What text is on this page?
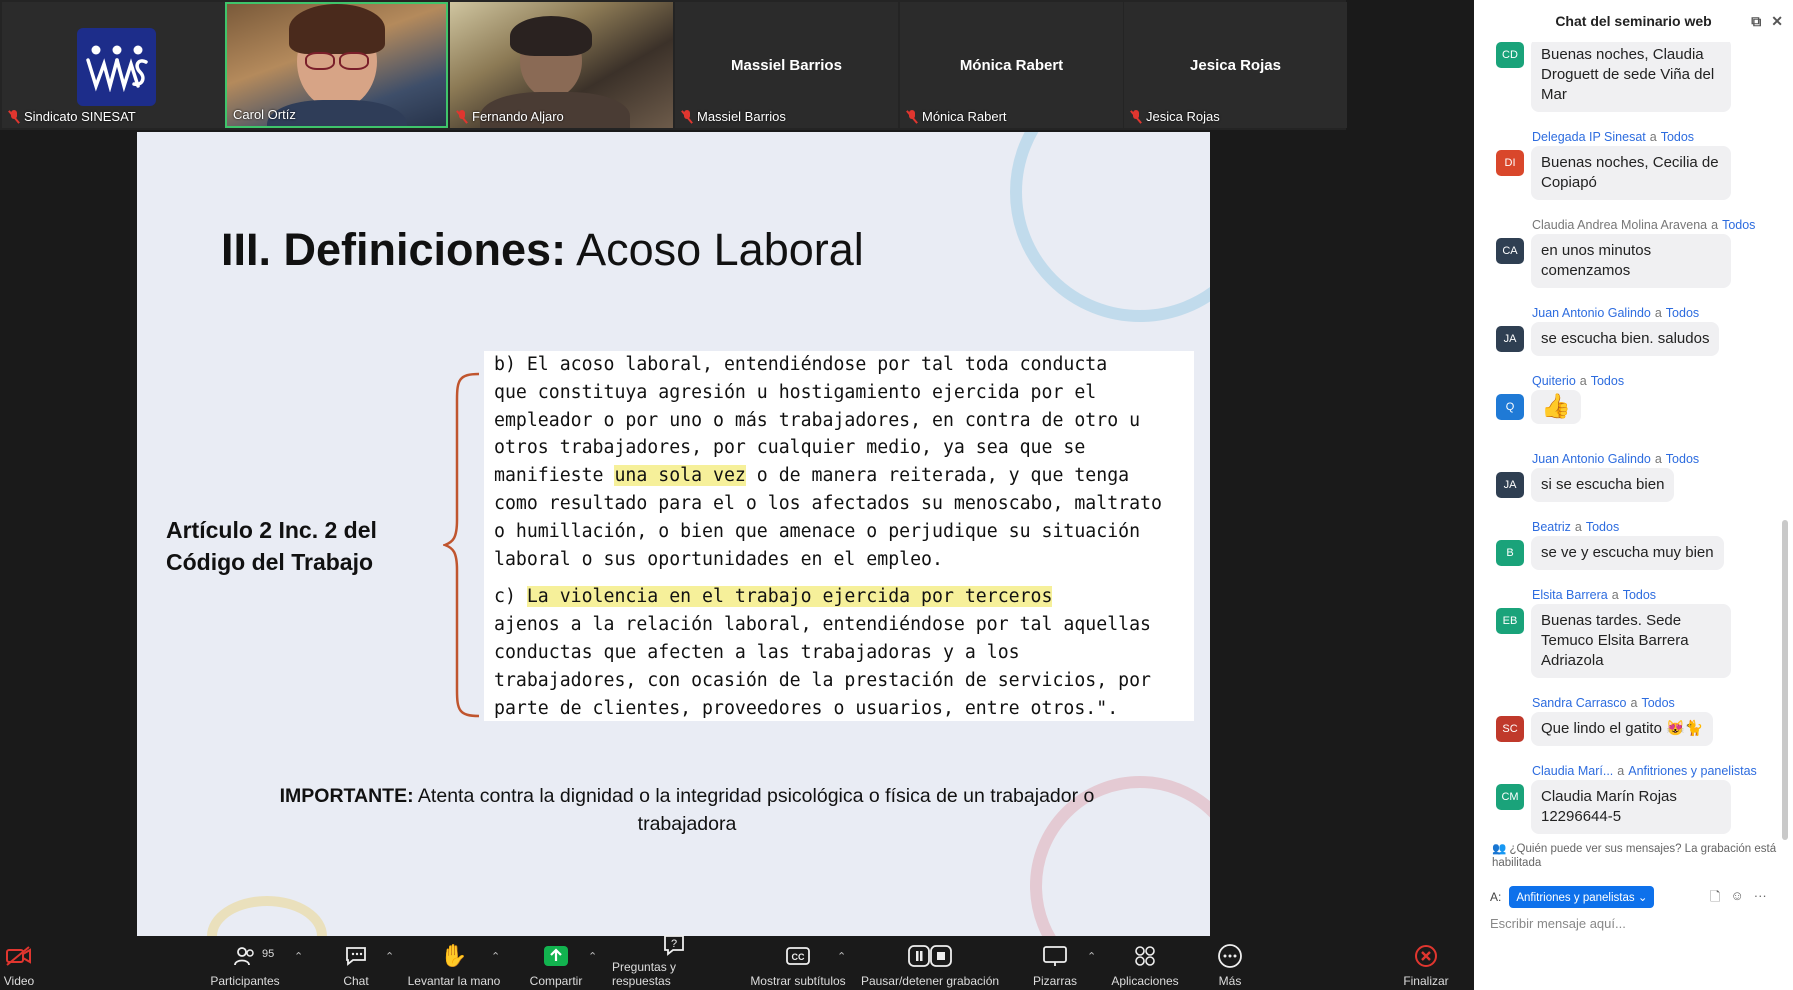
Sindicato SINESAT	Carol Ortíz	Fernando Aljaro
Massiel Barrios
Massiel Barrios
Mónica Rabert
Mónica Rabert
Jesica Rojas
Jesica Rojas
III. Definiciones: Acoso Laboral
Artículo 2 Inc. 2 del
Código del Trabajo

b) El acoso laboral, entendiéndose por tal toda conducta

que constituya agresión u hostigamiento ejercida por el

empleador o por uno o más trabajadores, en contra de otro u

otros trabajadores, por cualquier medio, ya sea que se

manifieste una sola vez o de manera reiterada, y que tenga

como resultado para el o los afectados su menoscabo, maltrato

o humillación, o bien que amenace o perjudique su situación

laboral o sus oportunidades en el empleo.

c) La violencia en el trabajo ejercida por terceros

ajenos a la relación laboral, entendiéndose por tal aquellas

conductas que afecten a las trabajadoras y a los

trabajadores, con ocasión de la prestación de servicios, por

parte de clientes, proveedores o usuarios, entre otros.".

IMPORTANTE: Atenta contra la dignidad o la integridad psicológica o física de un trabajador o
trabajadora
Video	Participantes
95 ⌃
Chat
⌃ ✋
Levantar la mano
⌃
Compartir
⌃
?
Preguntas y respuestas
CC
Mostrar subtítulos
⌃
Pausar/detener grabación	Pizarras
⌃
Aplicaciones	Más	Finalizar
Chat del seminario web	⧉ ✕
CD	Buenas noches, Claudia Droguett de sede Viña del Mar
Delegada IP Sinesat a Todos
DI	Buenas noches, Cecilia de Copiapó
Claudia Andrea Molina Aravena a Todos
CA	en unos minutos comenzamos
Juan Antonio Galindo a Todos
JA	se escucha bien. saludos
Quiterio a Todos
Q	👍
Juan Antonio Galindo a Todos
JA	si se escucha bien
Beatriz a Todos
B	se ve y escucha muy bien
Elsita Barrera a Todos
EB	Buenas tardes. Sede Temuco Elsita Barrera Adriazola
Sandra Carrasco a Todos
SC	Que lindo el gatito 😻🐈
Claudia Marí... a Anfitriones y panelistas
CM	Claudia Marín Rojas 12296644-5
👥 ¿Quién puede ver sus mensajes? La grabación está habilitada
A:	Anfitriones y panelistas ⌄	🗋 ☺ ···
Escribir mensaje aquí...
